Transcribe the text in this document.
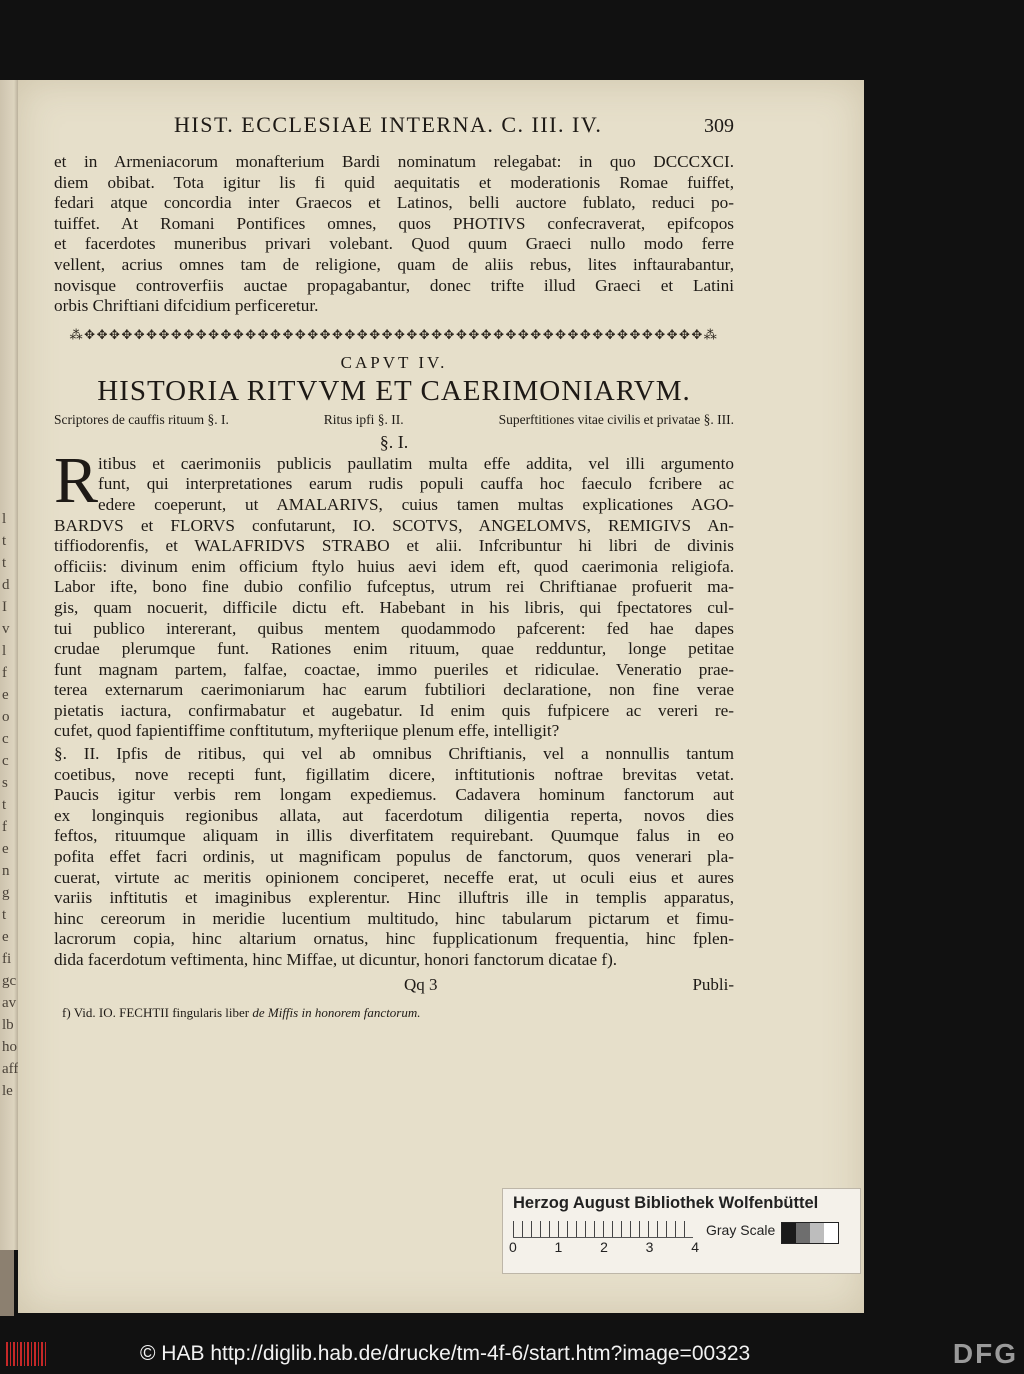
l
t
t
d
I
v
l
f
e
o
c
c
s
t
f
e
n
g
t
e
fi
gc
av
lb
ho
aff
le
HIST. ECCLESIAE INTERNA. C. III. IV.	309
et in Armeniacorum monafterium Bardi nominatum relegabat: in quo DCCCXCI.
diem obibat. Tota igitur lis fi quid aequitatis et moderationis Romae fuiffet,
fedari atque concordia inter Graecos et Latinos, belli auctore fublato, reduci po-
tuiffet. At Romani Pontifices omnes, quos PHOTIVS confecraverat, epifcopos
et facerdotes muneribus privari volebant. Quod quum Graeci nullo modo ferre
vellent, acrius omnes tam de religione, quam de aliis rebus, lites inftaurabantur,
novisque controverfiis auctae propagabantur, donec trifte illud Graeci et Latini
orbis Chriftiani difcidium perficeretur.
⁂✥✥✥✥✥✥✥✥✥✥✥✥✥✥✥✥✥✥✥✥✥✥✥✥✥✥✥✥✥✥✥✥✥✥✥✥✥✥✥✥✥✥✥✥✥✥✥✥✥✥⁂
CAPVT IV.
HISTORIA RITVVM ET CAERIMONIARVM.
Scriptores de cauffis rituum §. I.	Ritus ipfi §. II.	Superftitiones vitae civilis et privatae §. III.
§. I.
R itibus et caerimoniis publicis paullatim multa effe addita, vel illi argumento
funt, qui interpretationes earum rudis populi cauffa hoc faeculo fcribere ac
edere coeperunt, ut AMALARIVS, cuius tamen multas explicationes AGO-
BARDVS et FLORVS confutarunt, IO. SCOTVS, ANGELOMVS, REMIGIVS An-
tiffiodorenfis, et WALAFRIDVS STRABO et alii. Infcribuntur hi libri de divinis
officiis: divinum enim officium ftylo huius aevi idem eft, quod caerimonia religiofa.
Labor ifte, bono fine dubio confilio fufceptus, utrum rei Chriftianae profuerit ma-
gis, quam nocuerit, difficile dictu eft. Habebant in his libris, qui fpectatores cul-
tui publico intererant, quibus mentem quodammodo pafcerent: fed hae dapes
crudae plerumque funt. Rationes enim rituum, quae redduntur, longe petitae
funt magnam partem, falfae, coactae, immo pueriles et ridiculae. Veneratio prae-
terea externarum caerimoniarum hac earum fubtiliori declaratione, non fine verae
pietatis iactura, confirmabatur et augebatur. Id enim quis fufpicere ac vereri re-
cufet, quod fapientiffime conftitutum, myfteriique plenum effe, intelligit?
§. II. Ipfis de ritibus, qui vel ab omnibus Chriftianis, vel a nonnullis tantum
coetibus, nove recepti funt, figillatim dicere, inftitutionis noftrae brevitas vetat.
Paucis igitur verbis rem longam expediemus. Cadavera hominum fanctorum aut
ex longinquis regionibus allata, aut facerdotum diligentia reperta, novos dies
feftos, rituumque aliquam in illis diverfitatem requirebant. Quumque falus in eo
pofita effet facri ordinis, ut magnificam populus de fanctorum, quos venerari pla-
cuerat, virtute ac meritis opinionem conciperet, neceffe erat, ut oculi eius et aures
variis inftitutis et imaginibus explerentur. Hinc illuftris ille in templis apparatus,
hinc cereorum in meridie lucentium multitudo, hinc tabularum pictarum et fimu-
lacrorum copia, hinc altarium ornatus, hinc fupplicationum frequentia, hinc fplen-
dida facerdotum veftimenta, hinc Miffae, ut dicuntur, honori fanctorum dicatae f).
Qq 3	Publi-
f) Vid. IO. FECHTII fingularis liber de Miffis in honorem fanctorum.
Herzog August Bibliothek Wolfenbüttel
0	1	2	3	4
Gray Scale
© HAB http://diglib.hab.de/drucke/tm-4f-6/start.htm?image=00323	DFG
